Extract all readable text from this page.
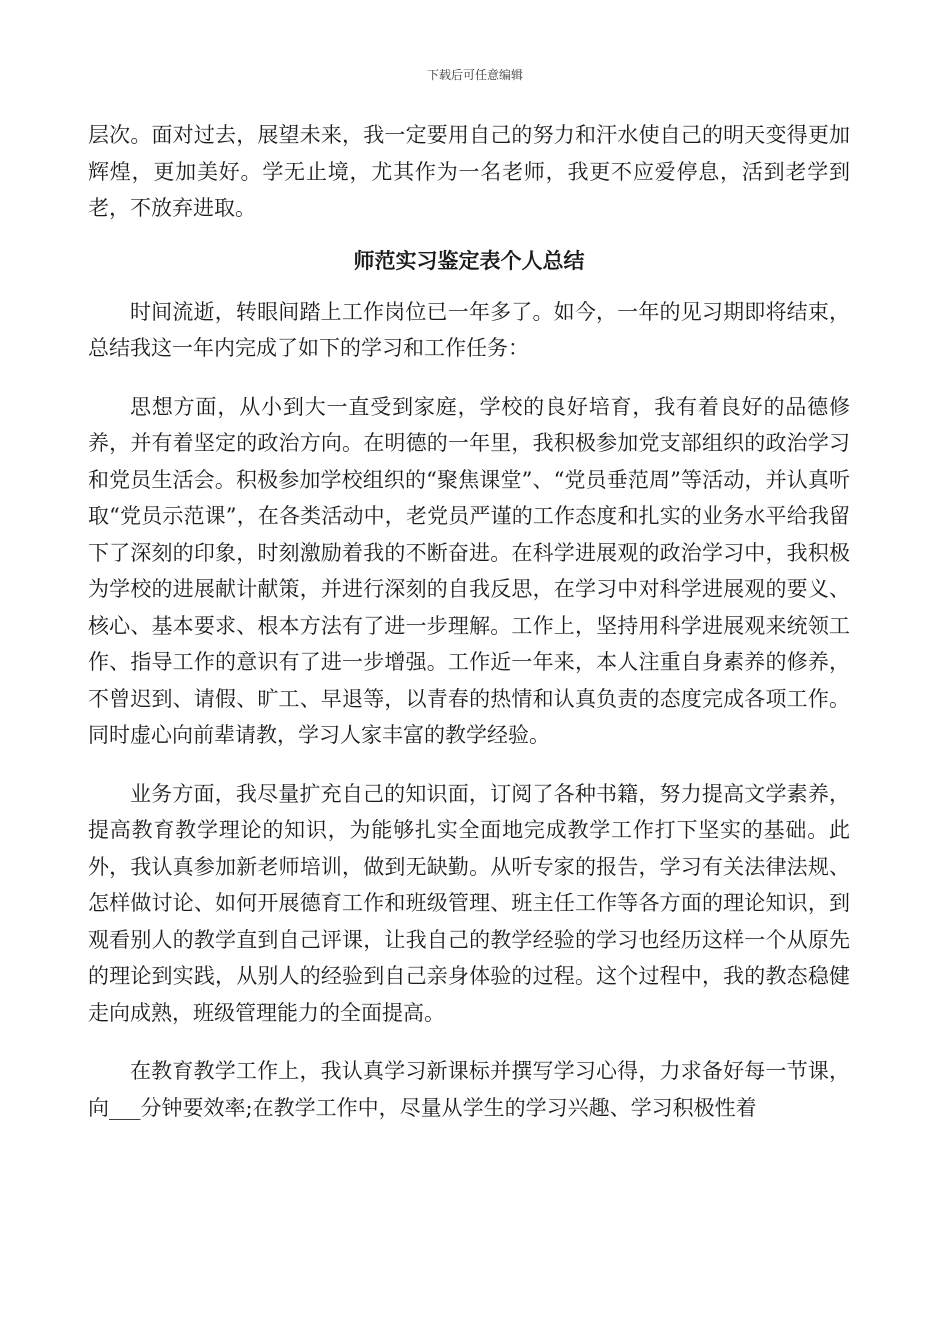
下载后可任意编辑

层次。面对过去，展望未来，我一定要用自己的努力和汗水使自己的明天变得更加辉煌，更加美好。学无止境，尤其作为一名老师，我更不应爱停息，活到老学到老，不放弃进取。

师范实习鉴定表个人总结

时间流逝，转眼间踏上工作岗位已一年多了。如今，一年的见习期即将结束，总结我这一年内完成了如下的学习和工作任务：

思想方面，从小到大一直受到家庭，学校的良好培育，我有着良好的品德修养，并有着坚定的政治方向。在明德的一年里，我积极参加党支部组织的政治学习和党员生活会。积极参加学校组织的“聚焦课堂”、“党员垂范周”等活动，并认真听取“党员示范课”，在各类活动中，老党员严谨的工作态度和扎实的业务水平给我留下了深刻的印象，时刻激励着我的不断奋进。在科学进展观的政治学习中，我积极为学校的进展献计献策，并进行深刻的自我反思，在学习中对科学进展观的要义、核心、基本要求、根本方法有了进一步理解。工作上，坚持用科学进展观来统领工作、指导工作的意识有了进一步增强。工作近一年来，本人注重自身素养的修养，不曾迟到、请假、旷工、早退等，以青春的热情和认真负责的态度完成各项工作。同时虚心向前辈请教，学习人家丰富的教学经验。

业务方面，我尽量扩充自己的知识面，订阅了各种书籍，努力提高文学素养，提高教育教学理论的知识，为能够扎实全面地完成教学工作打下坚实的基础。此外，我认真参加新老师培训，做到无缺勤。从听专家的报告，学习有关法律法规、怎样做讨论、如何开展德育工作和班级管理、班主任工作等各方面的理论知识，到观看别人的教学直到自己评课，让我自己的教学经验的学习也经历这样一个从原先的理论到实践，从别人的经验到自己亲身体验的过程。这个过程中，我的教态稳健走向成熟，班级管理能力的全面提高。

在教育教学工作上，我认真学习新课标并撰写学习心得，力求备好每一节课，向___分钟要效率;在教学工作中，尽量从学生的学习兴趣、学习积极性着
